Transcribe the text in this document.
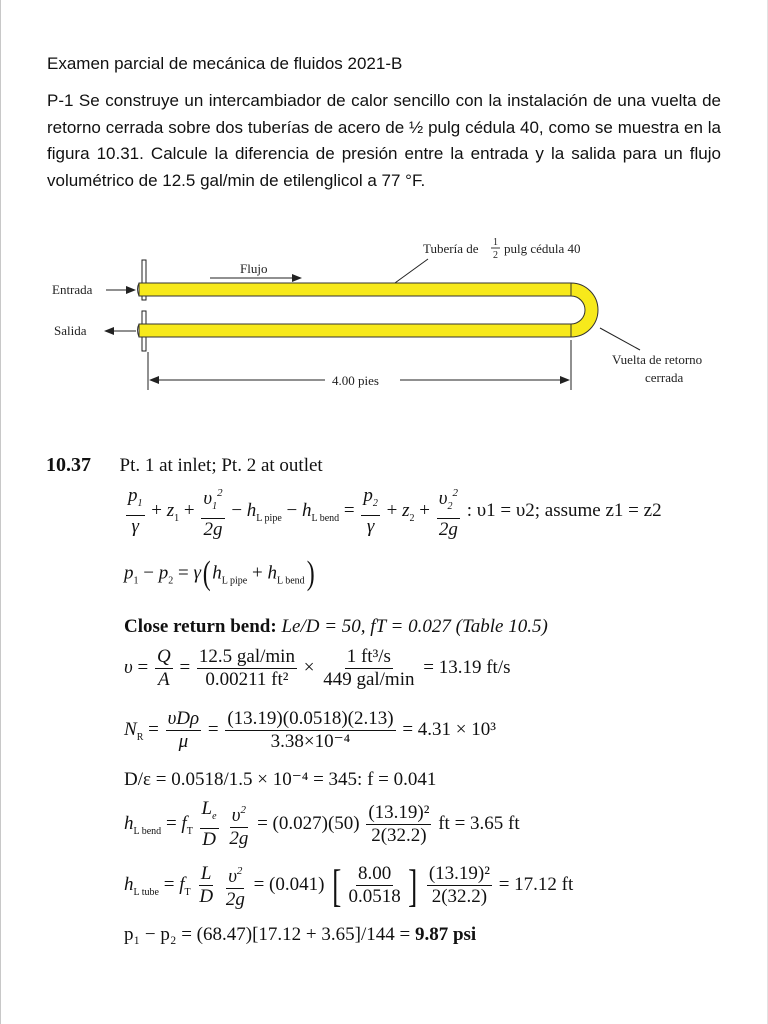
Examen parcial de mecánica de fluidos 2021-B
P-1 Se construye un intercambiador de calor sencillo con la instalación de una vuelta de retorno cerrada sobre dos tuberías de acero de ½ pulg cédula 40, como se muestra en la figura 10.31. Calcule la diferencia de presión entre la entrada y la salida para un flujo volumétrico de 12.5 gal/min de etilenglicol a 77 °F.
Tubería de 1
2 pulg cédula 40
Flujo
Entrada
Salida
Vuelta de retorno
cerrada
4.00 pies
10.37 Pt. 1 at inlet; Pt. 2 at outlet
$\frac{p_1}{\gamma} + z_1 + \frac{\upsilon_1^2}{2g} - h_{L pipe} - h_{L bend} = \frac{p_2}{\gamma} + z_2 + \frac{\upsilon_2^2}{2g}$ : υ1 = υ2; assume z1 = z2
$p_1 - p_2 = \gamma(h_{L pipe} + h_{L bend})$
Close return bend: Le/D = 50, fT = 0.027 (Table 10.5)
$\upsilon = \frac{Q}{A} = \frac{\text{12.5 gal/min}}{\text{0.00211 ft²}} \times \frac{\text{1 ft³/s}}{\text{449 gal/min}} = 13.19$ ft/s
$N_R = \frac{\text{υDρ}}{\mu} = \frac{(13.19)(0.0518)(2.13)}{\text{3.38×10⁻⁴}} = 4.31 \times 10^3$
D/ε = 0.0518/1.5 × 10⁻⁴ = 345: f = 0.041
$h_{L bend} = f_T \frac{L_e}{D}$
$\frac{\upsilon^2}{2g} = (0.027)(50) \frac{\text{(13.19)²}}{2(32.2)}$ ft = 3.65 ft
$h_{L tube} = f_T \frac{L}{D}$
$\frac{\upsilon^2}{2g} = (0.041)$ [ $\frac{8.00}{0.0518}$ ] $\frac{\text{(13.19)²}}{2(32.2)} = 17.12$ ft
p₁ − p₂ = (68.47)[17.12 + 3.65]/144 = 9.87 psi
